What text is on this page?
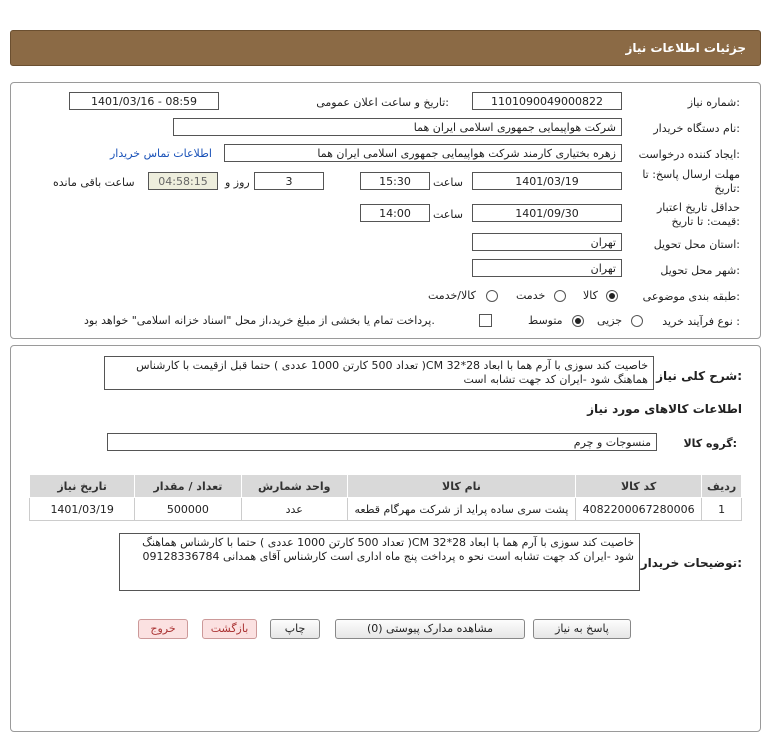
جزئیات اطلاعات نیاز
شماره نیاز:
1101090049000822
تاریخ و ساعت اعلان عمومی:
1401/03/16 - 08:59
نام دستگاه خریدار:
شرکت هواپیمایی جمهوری اسلامی ایران هما
ایجاد کننده درخواست:
زهره بختیاری کارمند شرکت هواپیمایی جمهوری اسلامی ایران هما
اطلاعات تماس خریدار
مهلت ارسال پاسخ: تا
تاریخ:
1401/03/19
ساعت
15:30
3
روز و
04:58:15
ساعت باقی مانده
حداقل تاریخ اعتبار
قیمت: تا تاریخ:
1401/09/30
ساعت
14:00
استان محل تحویل:
تهران
شهر محل تحویل:
تهران
طبقه بندی موضوعی:
کالا
خدمت
کالا/خدمت
نوع فرآیند خرید :
جزیی
متوسط
پرداخت تمام یا بخشی از مبلغ خرید،از محل "اسناد خزانه اسلامی" خواهد بود.
شرح کلی نیاز:
خاصیت کند سوزی با آرم هما با ابعاد 28*32 CM( تعداد 500 کارتن 1000 عددی ) حتما قبل ازقیمت با کارشناس هماهنگ شود -ایران کد جهت تشابه است
اطلاعات کالاهای مورد نیاز
گروه کالا:
منسوجات و چرم
ردیف	کد کالا	نام کالا	واحد شمارش	تعداد / مقدار	تاریخ نیاز
1	4082200067280006	پشت سری ساده پراید از شرکت مهرگام قطعه	عدد	500000	1401/03/19
توضیحات خریدار:
خاصیت کند سوزی با آرم هما با ابعاد 28*32 CM( تعداد 500 کارتن 1000 عددی ) حتما با کارشناس هماهنگ شود -ایران کد جهت تشابه است نحو ه پرداخت پنج ماه اداری است کارشناس آقای همدانی 09128336784
پاسخ به نیاز
مشاهده مدارک پیوستی (0)
چاپ
بازگشت
خروج
